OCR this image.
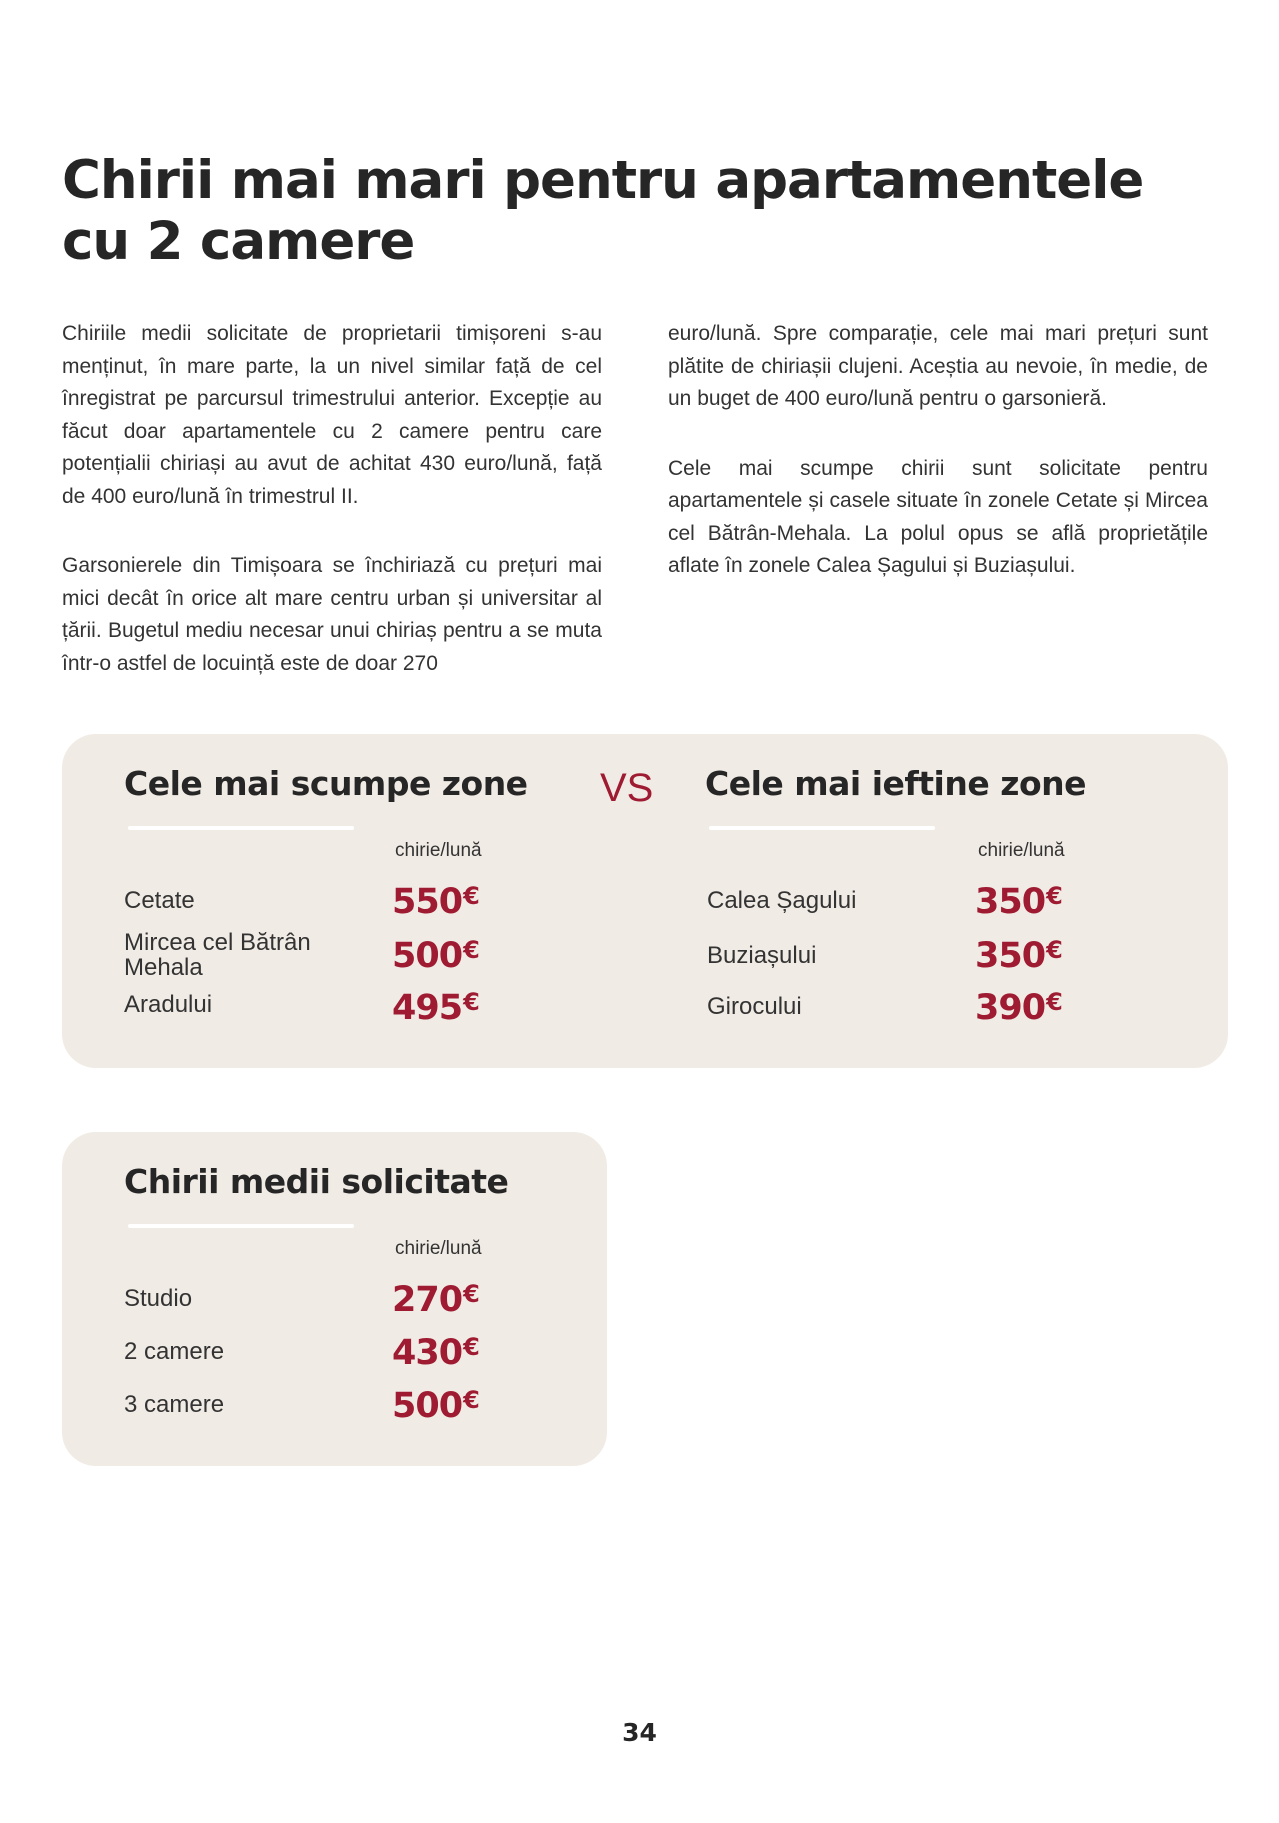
Chirii mai mari pentru apartamentele cu 2 camere

Chiriile medii solicitate de proprietarii timișoreni s-au menținut, în mare parte, la un nivel similar față de cel înregistrat pe parcursul trimestrului anterior. Excepție au făcut doar apartamentele cu 2 camere pentru care potențialii chiriași au avut de achitat 430 euro/lună, față de 400 euro/lună în trimestrul II.

Garsonierele din Timișoara se închiriază cu prețuri mai mici decât în orice alt mare centru urban și universitar al țării. Bugetul mediu necesar unui chiriaș pentru a se muta într-o astfel de locuință este de doar 270

euro/lună. Spre comparație, cele mai mari prețuri sunt plătite de chiriașii clujeni. Aceștia au nevoie, în medie, de un buget de 400 euro/lună pentru o garsonieră.

Cele mai scumpe chirii sunt solicitate pentru apartamentele și casele situate în zonele Cetate și Mircea cel Bătrân-Mehala. La polul opus se află proprietățile aflate în zonele Calea Șagului și Buziașului.

Cele mai scumpe zone
chirie/lună
Cetate	550€
Mircea cel Bătrân Mehala	500€
Aradului	495€
VS Cele mai ieftine zone
chirie/lună
Calea Șagului	350€
Buziașului	350€
Girocului	390€
Chirii medii solicitate
chirie/lună
Studio	270€
2 camere	430€
3 camere	500€
34
